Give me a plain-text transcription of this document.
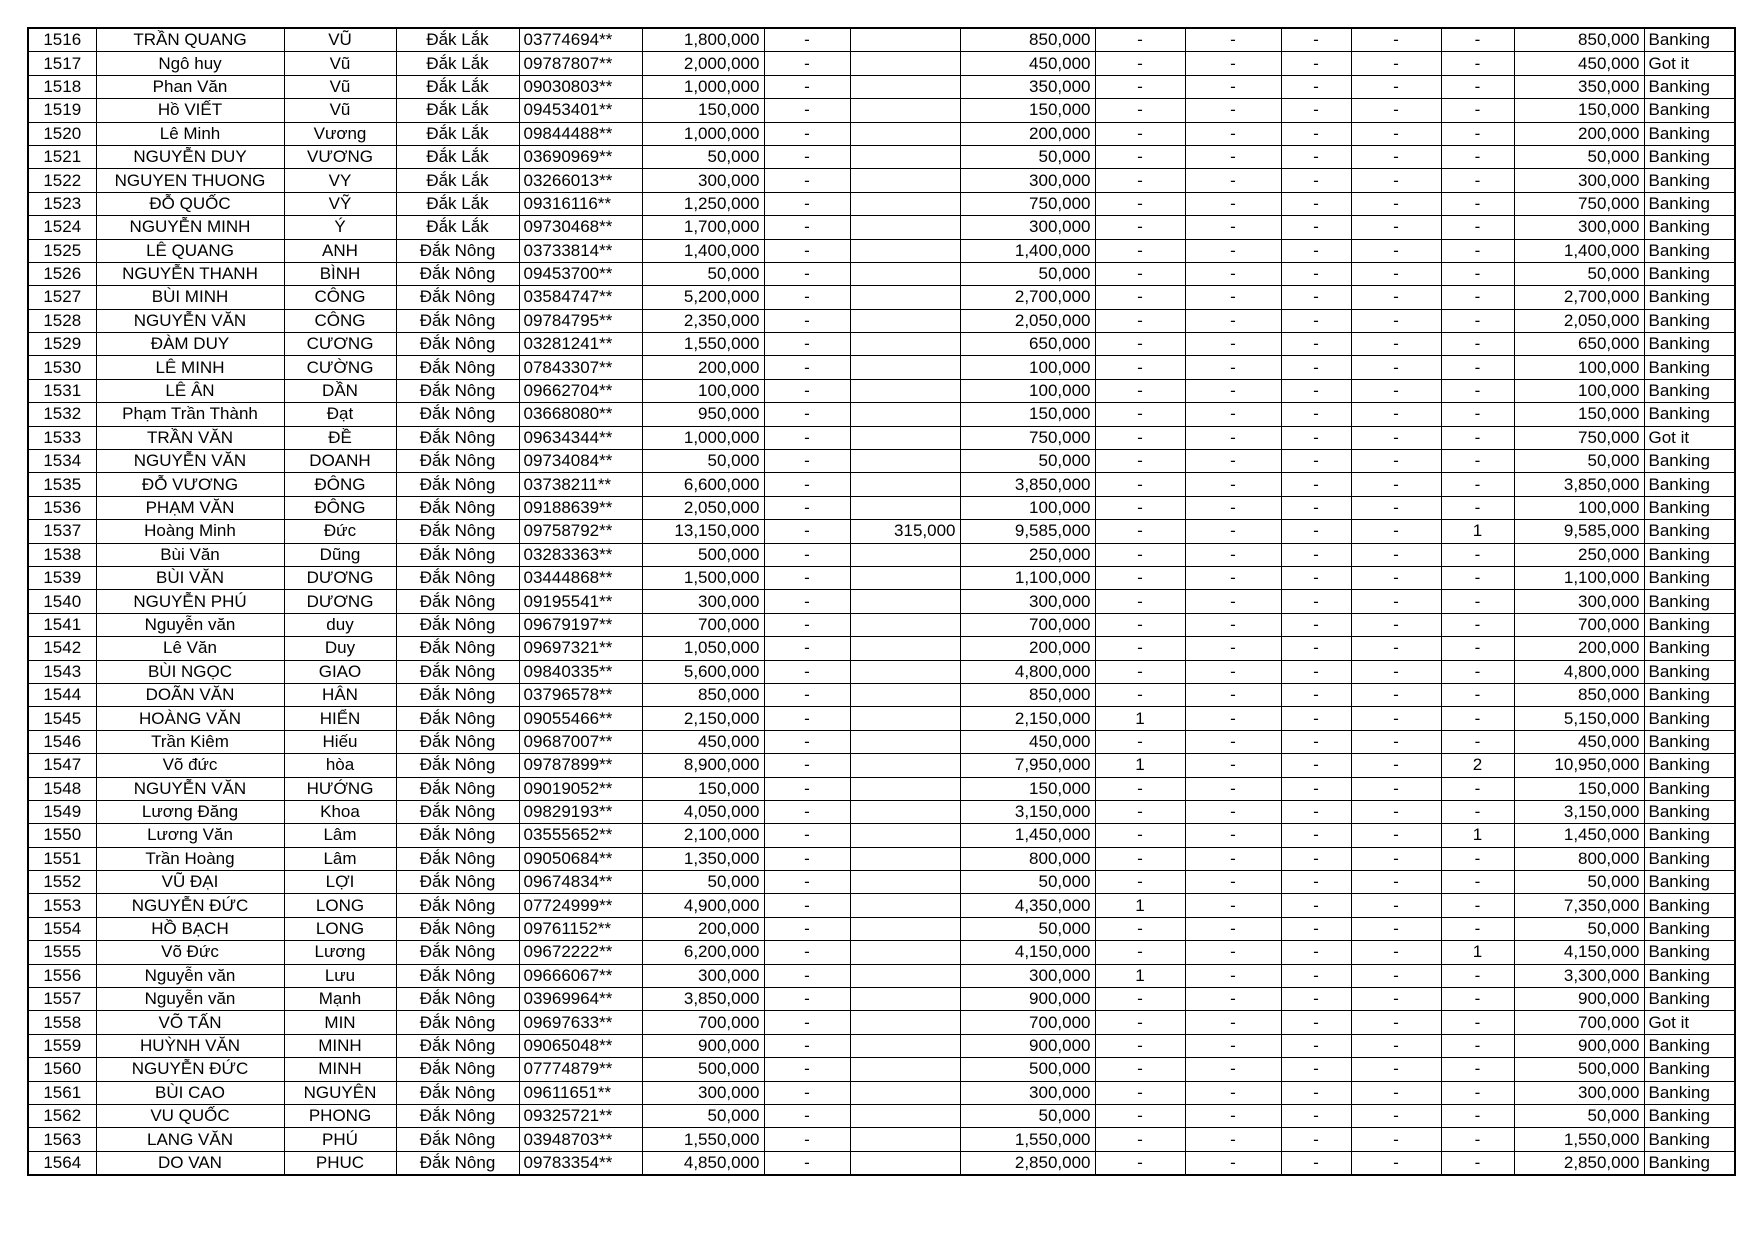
1516	TRẦN QUANG	VŨ	Đắk Lắk	03774694**	1,800,000	-		850,000	-	-	-	-	-	850,000	Banking
1517	Ngô huy	Vũ	Đắk Lắk	09787807**	2,000,000	-		450,000	-	-	-	-	-	450,000	Got it
1518	Phan Văn	Vũ	Đắk Lắk	09030803**	1,000,000	-		350,000	-	-	-	-	-	350,000	Banking
1519	Hồ VIẾT	Vũ	Đắk Lắk	09453401**	150,000	-		150,000	-	-	-	-	-	150,000	Banking
1520	Lê Minh	Vương	Đắk Lắk	09844488**	1,000,000	-		200,000	-	-	-	-	-	200,000	Banking
1521	NGUYỄN DUY	VƯƠNG	Đắk Lắk	03690969**	50,000	-		50,000	-	-	-	-	-	50,000	Banking
1522	NGUYEN THUONG	VY	Đắk Lắk	03266013**	300,000	-		300,000	-	-	-	-	-	300,000	Banking
1523	ĐỖ QUỐC	VỸ	Đắk Lắk	09316116**	1,250,000	-		750,000	-	-	-	-	-	750,000	Banking
1524	NGUYỄN MINH	Ý	Đắk Lắk	09730468**	1,700,000	-		300,000	-	-	-	-	-	300,000	Banking
1525	LÊ QUANG	ANH	Đắk Nông	03733814**	1,400,000	-		1,400,000	-	-	-	-	-	1,400,000	Banking
1526	NGUYỄN THANH	BÌNH	Đắk Nông	09453700**	50,000	-		50,000	-	-	-	-	-	50,000	Banking
1527	BÙI MINH	CÔNG	Đắk Nông	03584747**	5,200,000	-		2,700,000	-	-	-	-	-	2,700,000	Banking
1528	NGUYỄN VĂN	CÔNG	Đắk Nông	09784795**	2,350,000	-		2,050,000	-	-	-	-	-	2,050,000	Banking
1529	ĐÀM DUY	CƯƠNG	Đắk Nông	03281241**	1,550,000	-		650,000	-	-	-	-	-	650,000	Banking
1530	LÊ MINH	CƯỜNG	Đắk Nông	07843307**	200,000	-		100,000	-	-	-	-	-	100,000	Banking
1531	LÊ ÂN	DẦN	Đắk Nông	09662704**	100,000	-		100,000	-	-	-	-	-	100,000	Banking
1532	Phạm Trần Thành	Đạt	Đắk Nông	03668080**	950,000	-		150,000	-	-	-	-	-	150,000	Banking
1533	TRẦN VĂN	ĐỀ	Đắk Nông	09634344**	1,000,000	-		750,000	-	-	-	-	-	750,000	Got it
1534	NGUYỄN VĂN	DOANH	Đắk Nông	09734084**	50,000	-		50,000	-	-	-	-	-	50,000	Banking
1535	ĐỖ VƯƠNG	ĐÔNG	Đắk Nông	03738211**	6,600,000	-		3,850,000	-	-	-	-	-	3,850,000	Banking
1536	PHẠM VĂN	ĐÔNG	Đắk Nông	09188639**	2,050,000	-		100,000	-	-	-	-	-	100,000	Banking
1537	Hoàng Minh	Đức	Đắk Nông	09758792**	13,150,000	-	315,000	9,585,000	-	-	-	-	1	9,585,000	Banking
1538	Bùi Văn	Dũng	Đắk Nông	03283363**	500,000	-		250,000	-	-	-	-	-	250,000	Banking
1539	BÙI VĂN	DƯƠNG	Đắk Nông	03444868**	1,500,000	-		1,100,000	-	-	-	-	-	1,100,000	Banking
1540	NGUYỄN PHÚ	DƯƠNG	Đắk Nông	09195541**	300,000	-		300,000	-	-	-	-	-	300,000	Banking
1541	Nguyễn văn	duy	Đắk Nông	09679197**	700,000	-		700,000	-	-	-	-	-	700,000	Banking
1542	Lê Văn	Duy	Đắk Nông	09697321**	1,050,000	-		200,000	-	-	-	-	-	200,000	Banking
1543	BÙI NGỌC	GIAO	Đắk Nông	09840335**	5,600,000	-		4,800,000	-	-	-	-	-	4,800,000	Banking
1544	DOÃN VĂN	HÂN	Đắk Nông	03796578**	850,000	-		850,000	-	-	-	-	-	850,000	Banking
1545	HOÀNG VĂN	HIỂN	Đắk Nông	09055466**	2,150,000	-		2,150,000	1	-	-	-	-	5,150,000	Banking
1546	Trần Kiêm	Hiếu	Đắk Nông	09687007**	450,000	-		450,000	-	-	-	-	-	450,000	Banking
1547	Võ đức	hòa	Đắk Nông	09787899**	8,900,000	-		7,950,000	1	-	-	-	2	10,950,000	Banking
1548	NGUYỄN VĂN	HƯỚNG	Đắk Nông	09019052**	150,000	-		150,000	-	-	-	-	-	150,000	Banking
1549	Lương Đăng	Khoa	Đắk Nông	09829193**	4,050,000	-		3,150,000	-	-	-	-	-	3,150,000	Banking
1550	Lương Văn	Lâm	Đắk Nông	03555652**	2,100,000	-		1,450,000	-	-	-	-	1	1,450,000	Banking
1551	Trần Hoàng	Lâm	Đắk Nông	09050684**	1,350,000	-		800,000	-	-	-	-	-	800,000	Banking
1552	VŨ ĐẠI	LỢI	Đắk Nông	09674834**	50,000	-		50,000	-	-	-	-	-	50,000	Banking
1553	NGUYỄN ĐỨC	LONG	Đắk Nông	07724999**	4,900,000	-		4,350,000	1	-	-	-	-	7,350,000	Banking
1554	HỒ BẠCH	LONG	Đắk Nông	09761152**	200,000	-		50,000	-	-	-	-	-	50,000	Banking
1555	Võ Đức	Lương	Đắk Nông	09672222**	6,200,000	-		4,150,000	-	-	-	-	1	4,150,000	Banking
1556	Nguyễn văn	Lưu	Đắk Nông	09666067**	300,000	-		300,000	1	-	-	-	-	3,300,000	Banking
1557	Nguyễn văn	Mạnh	Đắk Nông	03969964**	3,850,000	-		900,000	-	-	-	-	-	900,000	Banking
1558	VÕ TẤN	MIN	Đắk Nông	09697633**	700,000	-		700,000	-	-	-	-	-	700,000	Got it
1559	HUỲNH VĂN	MINH	Đắk Nông	09065048**	900,000	-		900,000	-	-	-	-	-	900,000	Banking
1560	NGUYỄN ĐỨC	MINH	Đắk Nông	07774879**	500,000	-		500,000	-	-	-	-	-	500,000	Banking
1561	BÙI CAO	NGUYÊN	Đắk Nông	09611651**	300,000	-		300,000	-	-	-	-	-	300,000	Banking
1562	VU QUỐC	PHONG	Đắk Nông	09325721**	50,000	-		50,000	-	-	-	-	-	50,000	Banking
1563	LANG VĂN	PHÚ	Đắk Nông	03948703**	1,550,000	-		1,550,000	-	-	-	-	-	1,550,000	Banking
1564	DO VAN	PHUC	Đắk Nông	09783354**	4,850,000	-		2,850,000	-	-	-	-	-	2,850,000	Banking
